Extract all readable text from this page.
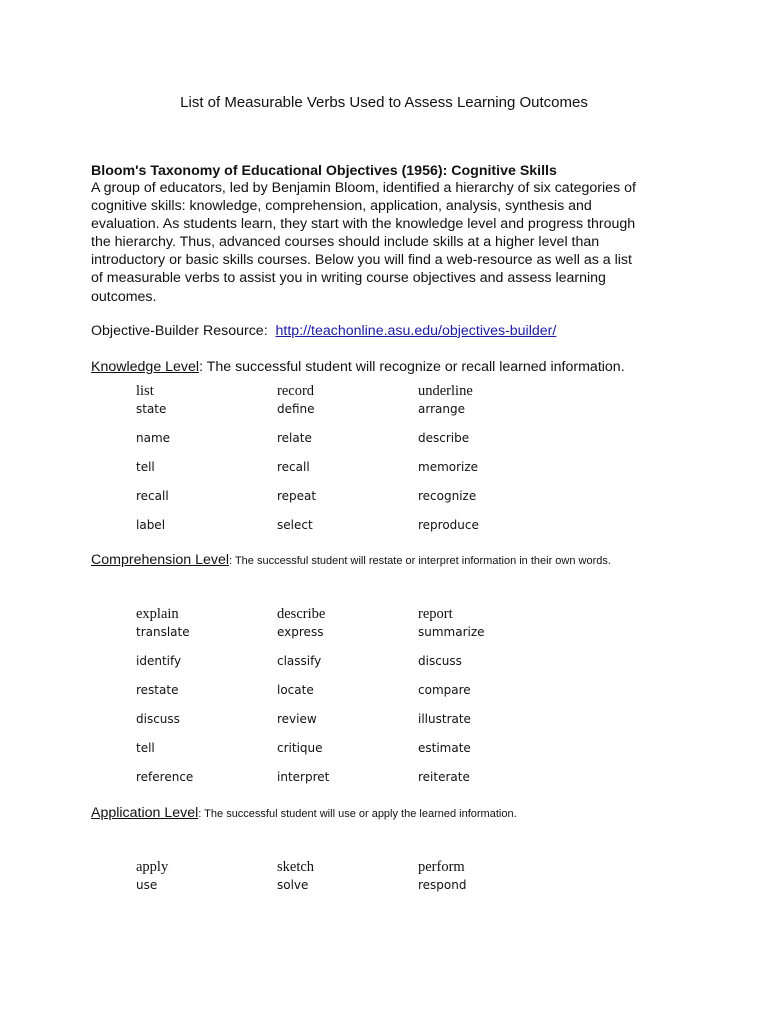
List of Measurable Verbs Used to Assess Learning Outcomes

Bloom's Taxonomy of Educational Objectives (1956): Cognitive Skills

A group of educators, led by Benjamin Bloom, identified a hierarchy of six categories of
cognitive skills: knowledge, comprehension, application, analysis, synthesis and
evaluation. As students learn, they start with the knowledge level and progress through
the hierarchy. Thus, advanced courses should include skills at a higher level than
introductory or basic skills courses. Below you will find a web-resource as well as a list
of measurable verbs to assist you in writing course objectives and assess learning
outcomes.

Objective-Builder Resource: http://teachonline.asu.edu/objectives-builder/

Knowledge Level: The successful student will recognize or recall learned information.

list	record	underline
state	define	arrange
name	relate	describe
tell	recall	memorize
recall	repeat	recognize
label	select	reproduce

Comprehension Level: The successful student will restate or interpret information in their own words.

explain	describe	report
translate	express	summarize
identify	classify	discuss
restate	locate	compare
discuss	review	illustrate
tell	critique	estimate
reference	interpret	reiterate

Application Level: The successful student will use or apply the learned information.

apply	sketch	perform
use	solve	respond
